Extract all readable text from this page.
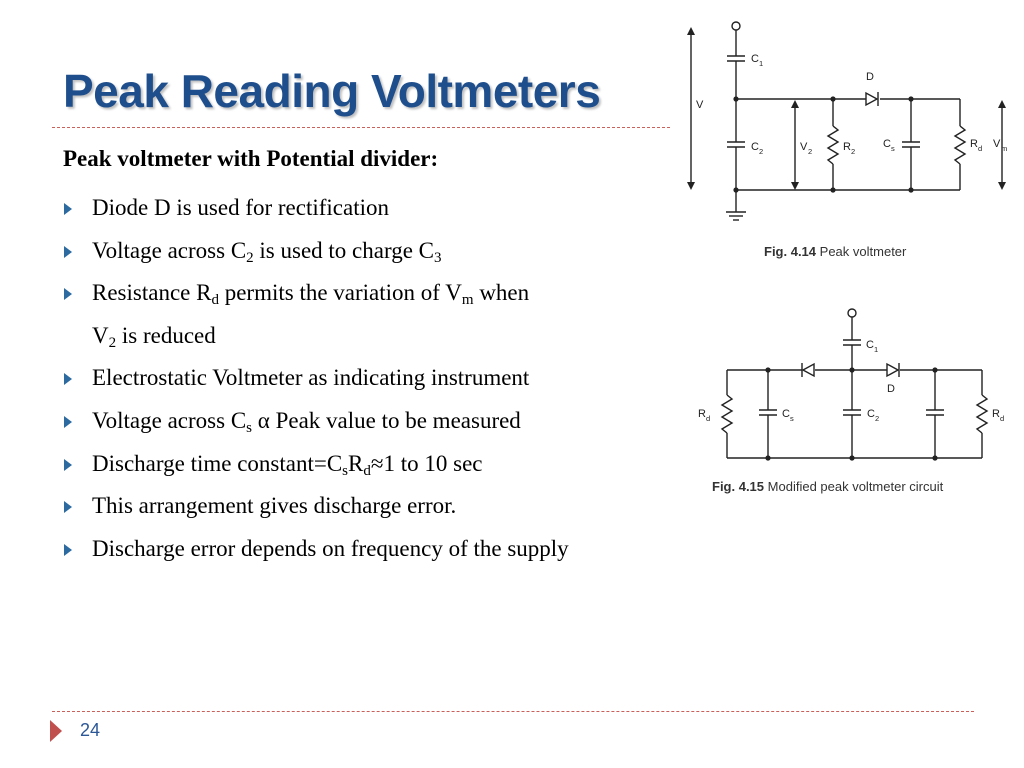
Peak Reading Voltmeters
Peak voltmeter with Potential divider:
Diode D is used for rectification
Voltage across $C_2$ is used to charge $C_3$
Resistance $R_d$ permits the variation of $V_m$ when
$V_2$ is reduced
Electrostatic Voltmeter as indicating instrument
Voltage across $C_s$ α Peak value to be measured
Discharge time $constant=C_sR_d\approx 1$ to 10 sec
This arrangement gives discharge error.
Discharge error depends on frequency of the supply
C 1
D
C 2	V 2	R 2
C s	R d V m
V
Fig. 4.14 Peak voltmeter
C 1
D
R d	C s	C 2	R d
Fig. 4.15 Modified peak voltmeter circuit
24
